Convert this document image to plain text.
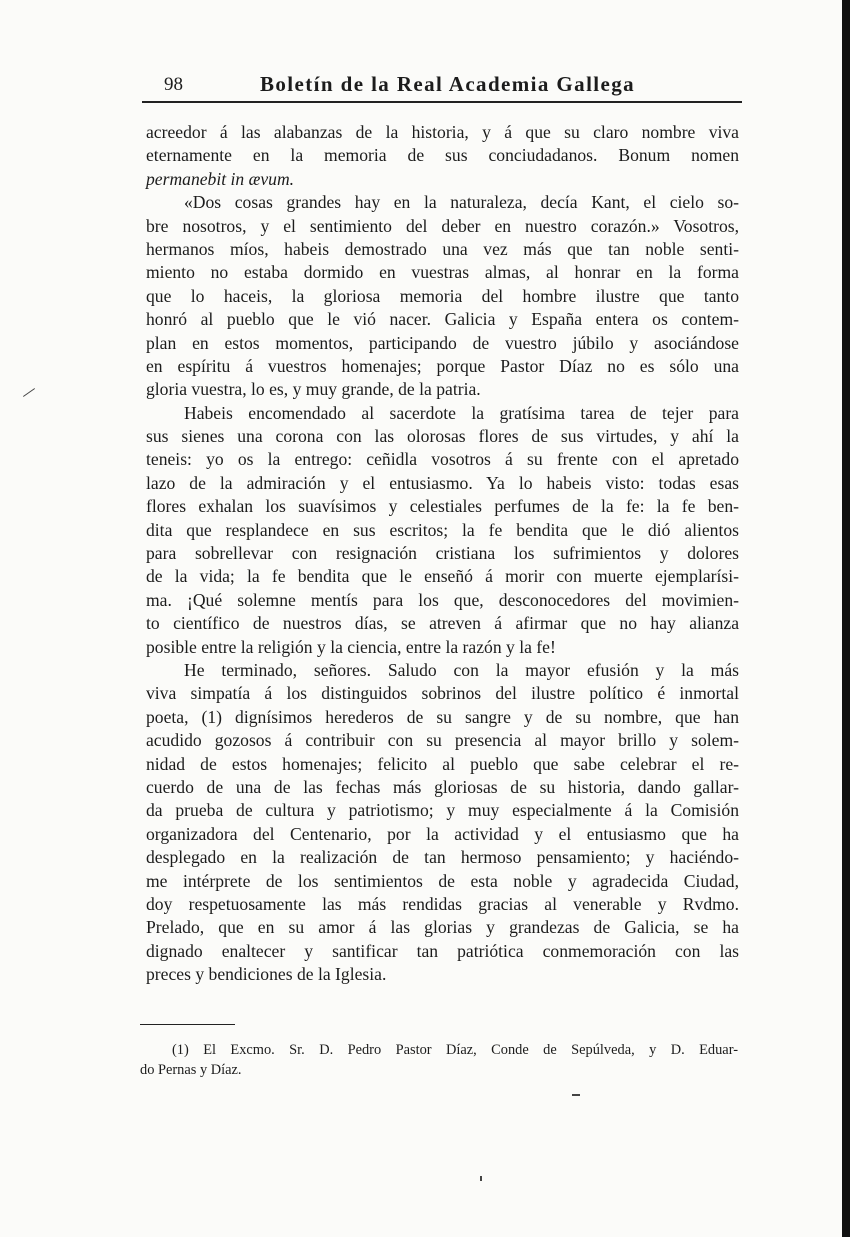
98	Boletín de la Real Academia Gallega
acreedor á las alabanzas de la historia, y á que su claro nombre viva
eternamente en la memoria de sus conciudadanos. Bonum nomen
permanebit in ævum.
«Dos cosas grandes hay en la naturaleza, decía Kant, el cielo so-
bre nosotros, y el sentimiento del deber en nuestro corazón.» Vosotros,
hermanos míos, habeis demostrado una vez más que tan noble senti-
miento no estaba dormido en vuestras almas, al honrar en la forma
que lo haceis, la gloriosa memoria del hombre ilustre que tanto
honró al pueblo que le vió nacer. Galicia y España entera os contem-
plan en estos momentos, participando de vuestro júbilo y asociándose
en espíritu á vuestros homenajes; porque Pastor Díaz no es sólo una
gloria vuestra, lo es, y muy grande, de la patria.
Habeis encomendado al sacerdote la gratísima tarea de tejer para
sus sienes una corona con las olorosas flores de sus virtudes, y ahí la
teneis: yo os la entrego: ceñidla vosotros á su frente con el apretado
lazo de la admiración y el entusiasmo. Ya lo habeis visto: todas esas
flores exhalan los suavísimos y celestiales perfumes de la fe: la fe ben-
dita que resplandece en sus escritos; la fe bendita que le dió alientos
para sobrellevar con resignación cristiana los sufrimientos y dolores
de la vida; la fe bendita que le enseñó á morir con muerte ejemplarísi-
ma. ¡Qué solemne mentís para los que, desconocedores del movimien-
to científico de nuestros días, se atreven á afirmar que no hay alianza
posible entre la religión y la ciencia, entre la razón y la fe!
He terminado, señores. Saludo con la mayor efusión y la más
viva simpatía á los distinguidos sobrinos del ilustre político é inmortal
poeta, (1) dignísimos herederos de su sangre y de su nombre, que han
acudido gozosos á contribuir con su presencia al mayor brillo y solem-
nidad de estos homenajes; felicito al pueblo que sabe celebrar el re-
cuerdo de una de las fechas más gloriosas de su historia, dando gallar-
da prueba de cultura y patriotismo; y muy especialmente á la Comisión
organizadora del Centenario, por la actividad y el entusiasmo que ha
desplegado en la realización de tan hermoso pensamiento; y haciéndo-
me intérprete de los sentimientos de esta noble y agradecida Ciudad,
doy respetuosamente las más rendidas gracias al venerable y Rvdmo.
Prelado, que en su amor á las glorias y grandezas de Galicia, se ha
dignado enaltecer y santificar tan patriótica conmemoración con las
preces y bendiciones de la Iglesia.
(1) El Excmo. Sr. D. Pedro Pastor Díaz, Conde de Sepúlveda, y D. Eduar-
do Pernas y Díaz.
